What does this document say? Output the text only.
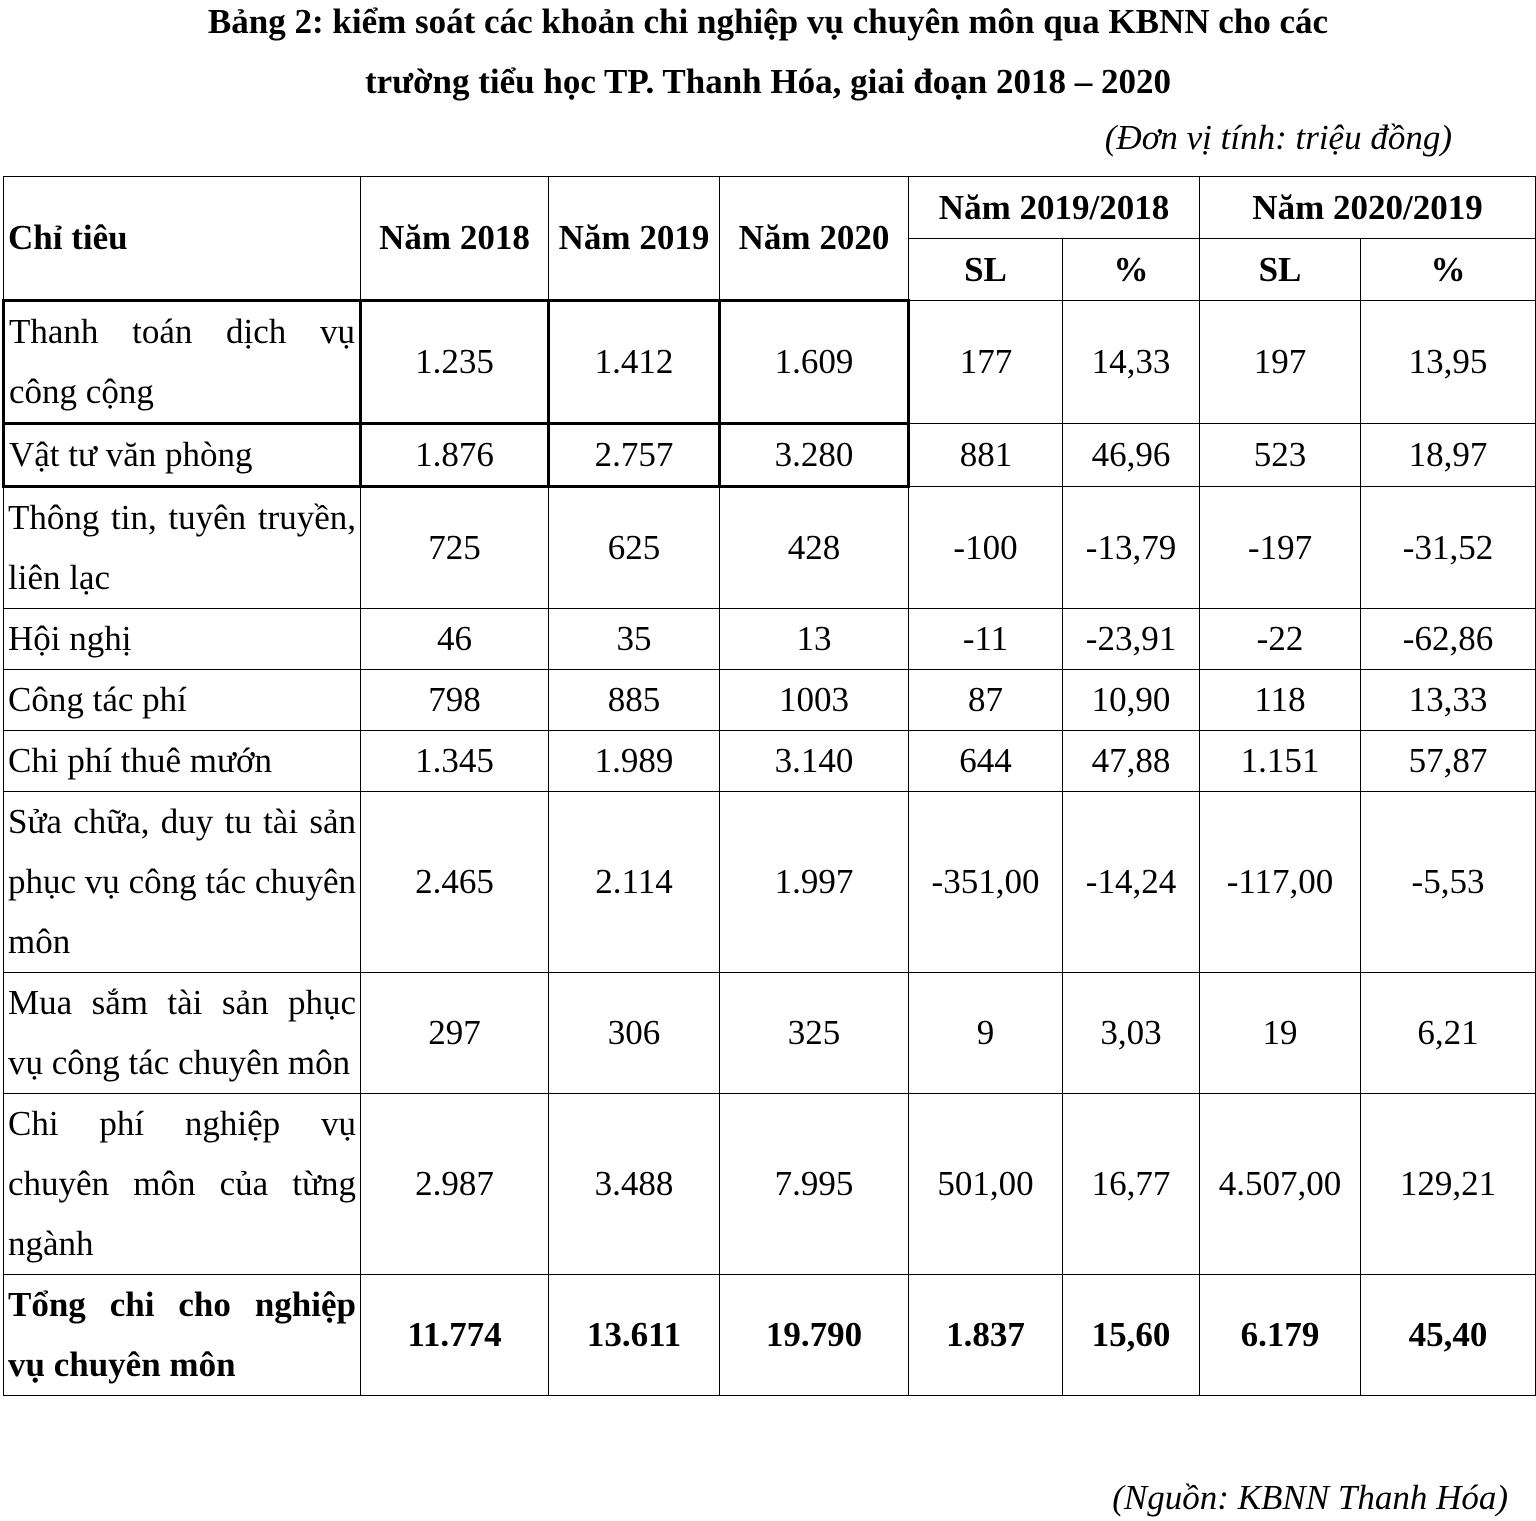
Bảng 2: kiểm soát các khoản chi nghiệp vụ chuyên môn qua KBNN cho các
trường tiểu học TP. Thanh Hóa, giai đoạn 2018 – 2020
(Đơn vị tính: triệu đồng)
Chỉ tiêu	Năm 2018	Năm 2019	Năm 2020	Năm 2019/2018		Năm 2020/2019	
				SL	%	SL	%
Thanh toán dịch vụ công cộng	1.235	1.412	1.609	177	14,33	197	13,95
Vật tư văn phòng	1.876	2.757	3.280	881	46,96	523	18,97
Thông tin, tuyên truyền, liên lạc	725	625	428	-100	-13,79	-197	-31,52
Hội nghị	46	35	13	-11	-23,91	-22	-62,86
Công tác phí	798	885	1003	87	10,90	118	13,33
Chi phí thuê mướn	1.345	1.989	3.140	644	47,88	1.151	57,87
Sửa chữa, duy tu tài sản phục vụ công tác chuyên môn	2.465	2.114	1.997	-351,00	-14,24	-117,00	-5,53
Mua sắm tài sản phục vụ công tác chuyên môn	297	306	325	9	3,03	19	6,21
Chi phí nghiệp vụ chuyên môn của từng ngành	2.987	3.488	7.995	501,00	16,77	4.507,00	129,21
Tổng chi cho nghiệp vụ chuyên môn	11.774	13.611	19.790	1.837	15,60	6.179	45,40
(Nguồn: KBNN Thanh Hóa)
